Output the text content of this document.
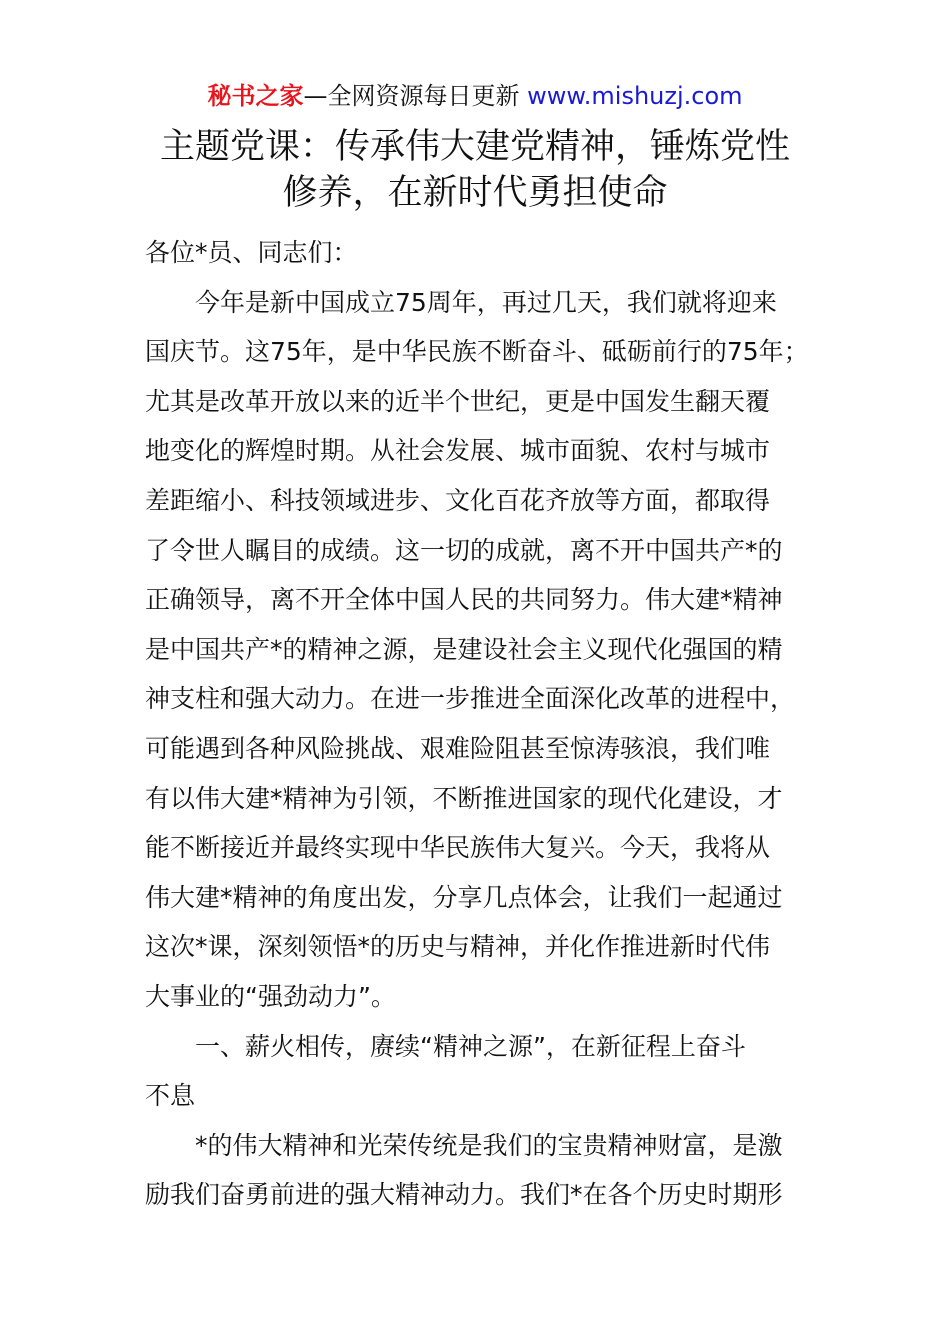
秘书之家—全网资源每日更新 www.mishuzj.com
主题党课：传承伟大建党精神，锤炼党性
修养，在新时代勇担使命

各位*员、同志们：

今年是新中国成立75周年，再过几天，我们就将迎来

国庆节。这75年，是中华民族不断奋斗、砥砺前行的75年；

尤其是改革开放以来的近半个世纪，更是中国发生翻天覆

地变化的辉煌时期。从社会发展、城市面貌、农村与城市

差距缩小、科技领域进步、文化百花齐放等方面，都取得

了令世人瞩目的成绩。这一切的成就，离不开中国共产*的

正确领导，离不开全体中国人民的共同努力。伟大建*精神

是中国共产*的精神之源，是建设社会主义现代化强国的精

神支柱和强大动力。在进一步推进全面深化改革的进程中，

可能遇到各种风险挑战、艰难险阻甚至惊涛骇浪，我们唯

有以伟大建*精神为引领，不断推进国家的现代化建设，才

能不断接近并最终实现中华民族伟大复兴。今天，我将从

伟大建*精神的角度出发，分享几点体会，让我们一起通过

这次*课，深刻领悟*的历史与精神，并化作推进新时代伟

大事业的“强劲动力”。

一、薪火相传，赓续“精神之源”，在新征程上奋斗

不息

*的伟大精神和光荣传统是我们的宝贵精神财富，是激

励我们奋勇前进的强大精神动力。我们*在各个历史时期形
